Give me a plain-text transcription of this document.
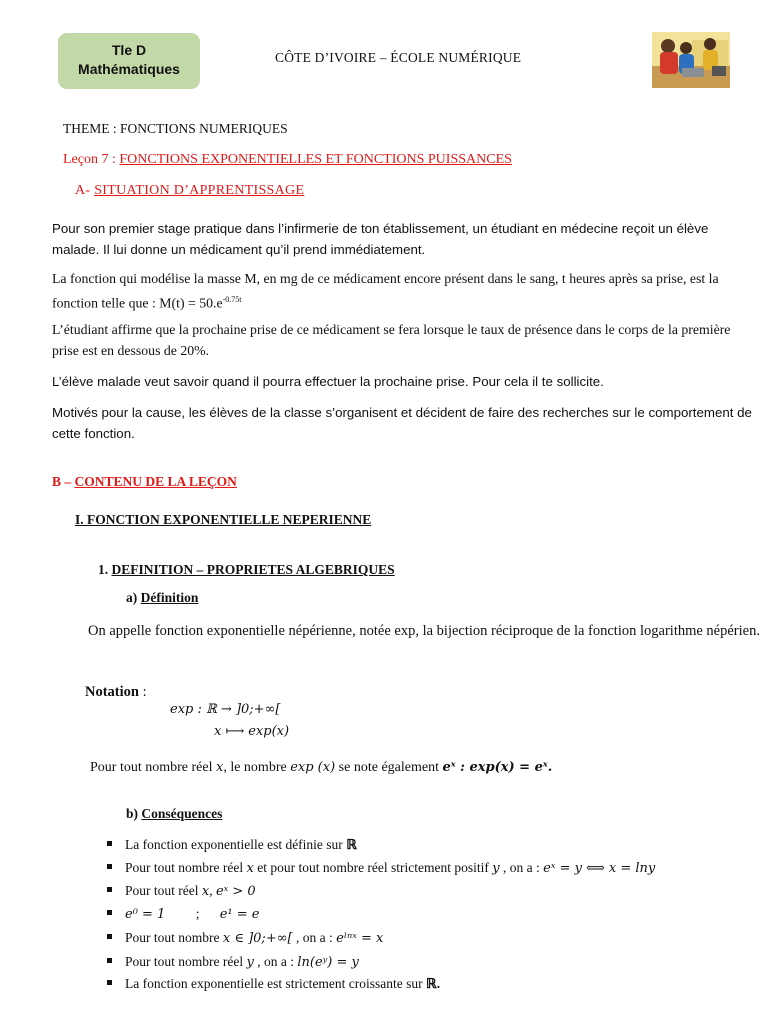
Tle D
Mathématiques
CÔTE D’IVOIRE – ÉCOLE NUMÉRIQUE
THEME : FONCTIONS NUMERIQUES
Leçon 7 : FONCTIONS EXPONENTIELLES ET FONCTIONS PUISSANCES
A- SITUATION D’APPRENTISSAGE
Pour son premier stage pratique dans l’infirmerie de ton établissement, un étudiant en médecine reçoit un élève malade. Il lui donne un médicament qu’il prend immédiatement.
La fonction qui modélise la masse M, en mg de ce médicament encore présent dans le sang, t heures après sa prise, est la fonction telle que : $M(t) = 50.e^{-0.75t}$
L’étudiant affirme que la prochaine prise de ce médicament se fera lorsque le taux de présence dans le corps de la première prise est en dessous de 20%.
L’élève malade veut savoir quand il pourra effectuer la prochaine prise. Pour cela il te sollicite.
Motivés pour la cause, les élèves de la classe s’organisent et décident de faire des recherches sur le comportement de cette fonction.
B – CONTENU DE LA LEÇON
I. FONCTION EXPONENTIELLE NEPERIENNE
1. DEFINITION – PROPRIETES ALGEBRIQUES
a) Définition
On appelle fonction exponentielle népérienne, notée exp, la bijection réciproque de la fonction logarithme népérien.
Notation :
exp : ℝ → ]0;+∞[
x ⟼ exp(x)
Pour tout nombre réel x, le nombre exp (x) se note également eˣ : exp(x) = eˣ.
b) Conséquences
La fonction exponentielle est définie sur ℝ
Pour tout nombre réel x et pour tout nombre réel strictement positif y , on a : eˣ = y ⟺ x = lny
Pour tout réel x, eˣ > 0
e⁰ = 1         ;      e¹ = e
Pour tout nombre x ∈ ]0;+∞[ , on a : eˡⁿˣ = x
Pour tout nombre réel y , on a : ln(eʸ) = y
La fonction exponentielle est strictement croissante sur ℝ.
